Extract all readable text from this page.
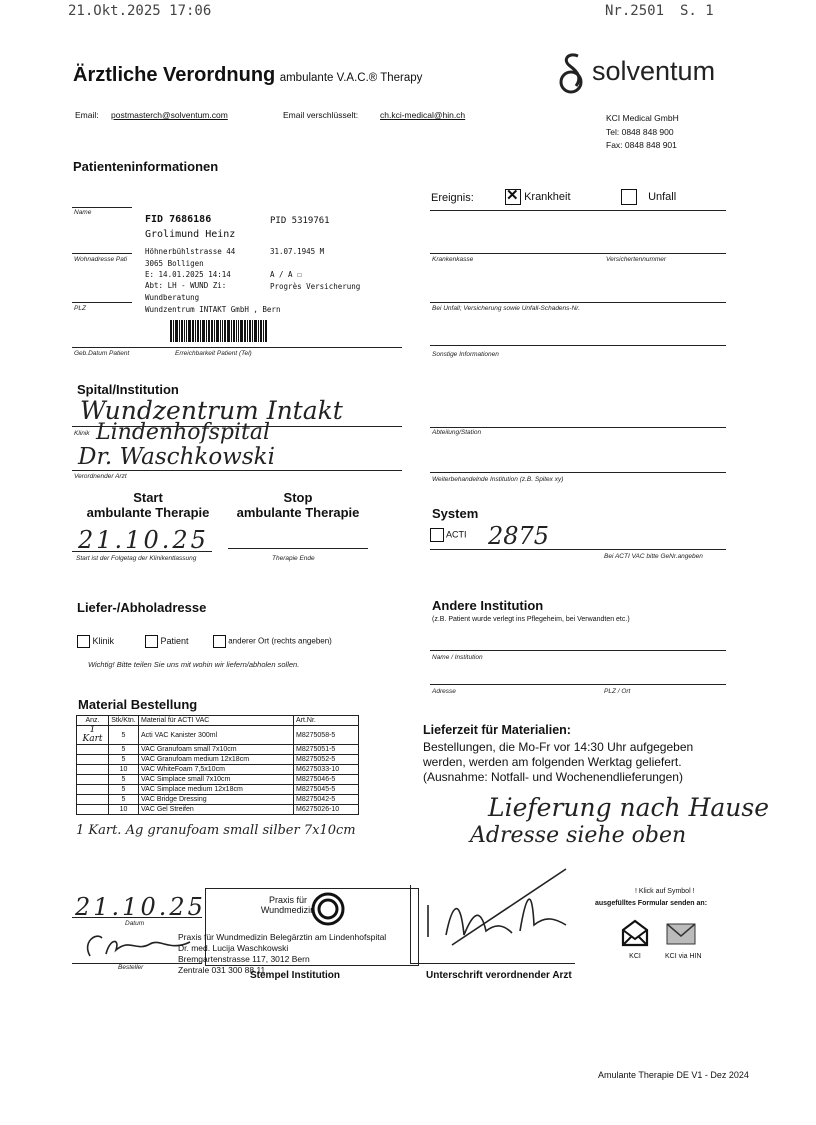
21.Okt.2025 17:06	Nr.2501 S. 1
Ärztliche Verordnung ambulante V.A.C.® Therapy	solventum
Email: postmasterch@solventum.com	Email verschlüsselt:	ch.kci-medical@hin.ch	KCI Medical GmbH
Tel: 0848 848 900
Fax: 0848 848 901
Patienteninformationen
Name
Wohnadresse Pati
PLZ
Geb.Datum Patient	Erreichbarkeit Patient (Tel)
FID 7686186	PID 5319761
Grolimund Heinz
Höhnerbühlstrasse 44	31.07.1945 M
3065 Bolligen
E: 14.01.2025 14:14	A / A ☐
Abt: LH - WUND Zi:	Progrès Versicherung
Wundberatung
Wundzentrum INTAKT GmbH , Bern
Ereignis: ✕ Krankheit	Unfall
Krankenkasse	Versichertennummer
Bei Unfall; Versicherung sowie Unfall-Schadens-Nr.
Sonstige Informationen
Spital/Institution
Wundzentrum Intakt
Klinik Lindenhofspital
Dr. Waschkowski
Verordnender Arzt
Abteilung/Station
Weiterbehandelnde Institution (z.B. Spitex xy)
Start
ambulante Therapie
Stop
ambulante Therapie
21.10.25
Start ist der Folgetag der Klinikentlassung	Therapie Ende
System
ACTI 2875
Bei ACTI VAC bitte GeNr.angeben
Liefer-/Abholadresse
Klinik	Patient	anderer Ort (rechts angeben)
Wichtig! Bitte teilen Sie uns mit wohin wir liefern/abholen sollen.
Andere Institution
(z.B. Patient wurde verlegt ins Pflegeheim, bei Verwandten etc.)
Name / Institution
Adresse	PLZ / Ort
Material Bestellung
Anz.	Stk/Ktn.	Material für ACTI VAC	Art.Nr.
1 Kart	5	Acti VAC Kanister 300ml	M8275058-5
	5	VAC Granufoam small 7x10cm	M8275051-5
	5	VAC Granufoam medium 12x18cm	M8275052-5
	10	VAC WhiteFoam 7,5x10cm	M6275033-10
	5	VAC Simplace small 7x10cm	M8275046-5
	5	VAC Simplace medium 12x18cm	M8275045-5
	5	VAC Bridge Dressing	M8275042-5
	10	VAC Gel Streifen	M6275026-10
1 Kart. Ag granufoam small silber 7x10cm
Lieferzeit für Materialien:
Bestellungen, die Mo-Fr vor 14:30 Uhr aufgegeben
werden, werden am folgenden Werktag geliefert.
(Ausnahme: Notfall- und Wochenendlieferungen)
Lieferung nach Hause
Adresse siehe oben
21.10.25
Datum
Besteller
Praxis für Wundmedizin
Praxis für Wundmedizin Belegärztin am Lindenhofspital
Dr. med. Lucija Waschkowski
Bremgartenstrasse 117, 3012 Bern
Zentrale 031 300 88 11
Stempel Institution	Unterschrift verordnender Arzt
! Klick auf Symbol !
ausgefülltes Formular senden an:
KCI	KCI via HIN
Amulante Therapie DE V1 - Dez 2024
